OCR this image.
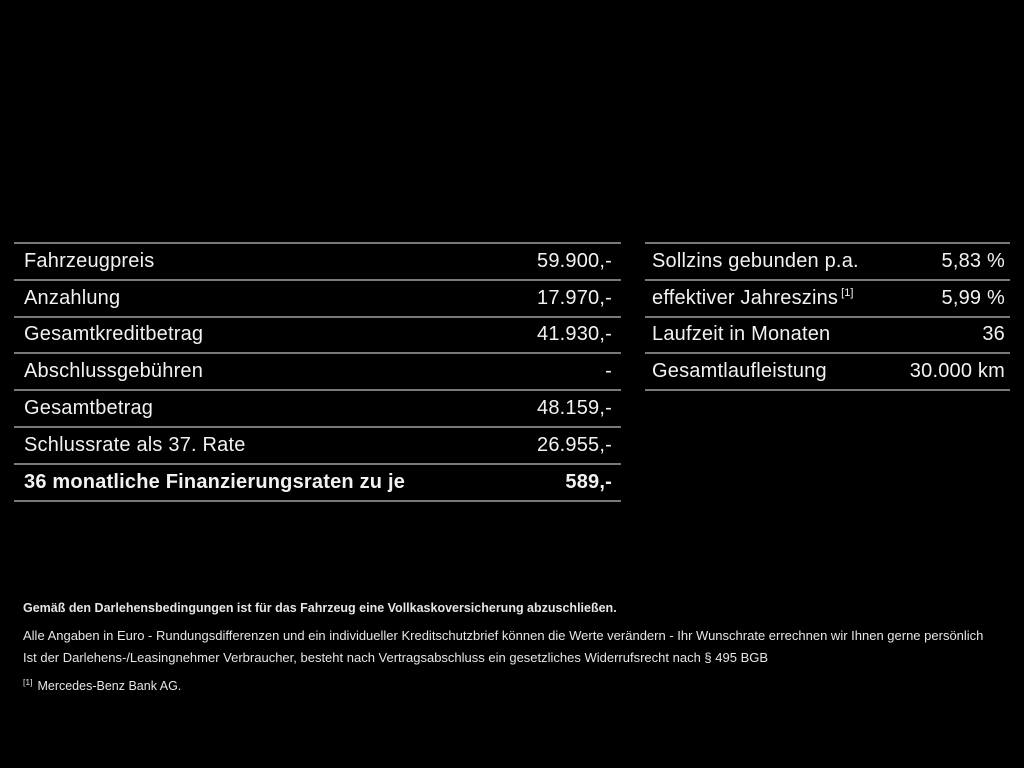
Fahrzeugpreis	59.900,-
Anzahlung	17.970,-
Gesamtkreditbetrag	41.930,-
Abschlussgebühren	-
Gesamtbetrag	48.159,-
Schlussrate als 37. Rate	26.955,-
36 monatliche Finanzierungsraten zu je	589,-
Sollzins gebunden p.a.	5,83 %
effektiver Jahreszins [1]	5,99 %
Laufzeit in Monaten	36
Gesamtlaufleistung	30.000 km

Gemäß den Darlehensbedingungen ist für das Fahrzeug eine Vollkaskoversicherung abzuschließen.

Alle Angaben in Euro - Rundungsdifferenzen und ein individueller Kreditschutzbrief können die Werte verändern - Ihr Wunschrate errechnen wir Ihnen gerne persönlich

Ist der Darlehens-/Leasingnehmer Verbraucher, besteht nach Vertragsabschluss ein gesetzliches Widerrufsrecht nach § 495 BGB

[1] Mercedes-Benz Bank AG.
